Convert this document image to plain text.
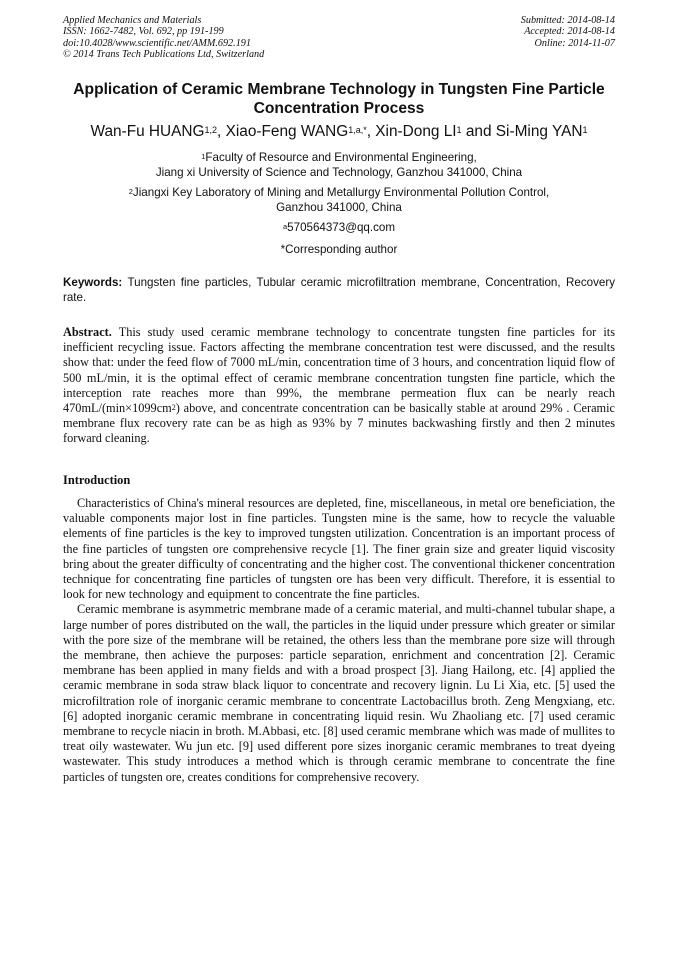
Applied Mechanics and Materials
ISSN: 1662-7482, Vol. 692, pp 191-199
doi:10.4028/www.scientific.net/AMM.692.191
© 2014 Trans Tech Publications Ltd, Switzerland
Submitted: 2014-08-14
Accepted: 2014-08-14
Online: 2014-11-07
Application of Ceramic Membrane Technology in Tungsten Fine Particle Concentration Process
Wan-Fu HUANG$^{1,2}$, Xiao-Feng $WANG^{1,a,*}$, Xin-Dong $LI^1$ and Si-Ming YAN$^1$
$^1$Faculty of Resource and Environmental Engineering,
Jiang xi University of Science and Technology, Ganzhou 341000, China
$^2$Jiangxi Key Laboratory of Mining and Metallurgy Environmental Pollution Control,
Ganzhou 341000, China
$^a$570564373@qq.com
*Corresponding author
Keywords: Tungsten fine particles, Tubular ceramic microfiltration membrane, Concentration, Recovery rate.
Abstract. This study used ceramic membrane technology to concentrate tungsten fine particles for its inefficient recycling issue. Factors affecting the membrane concentration test were discussed, and the results show that: under the feed flow of 7000 mL/min, concentration time of 3 hours, and concentration liquid flow of 500 mL/min, it is the optimal effect of ceramic membrane concentration tungsten fine particle, which the interception rate reaches more than 99%, the membrane permeation flux can be nearly reach $470mL/(\min\times 1099cm^2)$ above, and concentrate concentration can be basically stable at around 29% . Ceramic membrane flux recovery rate can be as high as 93% by 7 minutes backwashing firstly and then 2 minutes forward cleaning.
Introduction

Characteristics of China's mineral resources are depleted, fine, miscellaneous, in metal ore beneficiation, the valuable components major lost in fine particles. Tungsten mine is the same, how to recycle the valuable elements of fine particles is the key to improved tungsten utilization. Concentration is an important process of the fine particles of tungsten ore comprehensive recycle [1]. The finer grain size and greater liquid viscosity bring about the greater difficulty of concentrating and the higher cost. The conventional thickener concentration technique for concentrating fine particles of tungsten ore has been very difficult. Therefore, it is essential to look for new technology and equipment to concentrate the fine particles.

Ceramic membrane is asymmetric membrane made of a ceramic material, and multi-channel tubular shape, a large number of pores distributed on the wall, the particles in the liquid under pressure which greater or similar with the pore size of the membrane will be retained, the others less than the membrane pore size will through the membrane, then achieve the purposes: particle separation, enrichment and concentration [2]. Ceramic membrane has been applied in many fields and with a broad prospect [3]. Jiang Hailong, etc. [4] applied the ceramic membrane in soda straw black liquor to concentrate and recovery lignin. Lu Li Xia, etc. [5] used the microfiltration role of inorganic ceramic membrane to concentrate Lactobacillus broth. Zeng Mengxiang, etc. [6] adopted inorganic ceramic membrane in concentrating liquid resin. Wu Zhaoliang etc. [7] used ceramic membrane to recycle niacin in broth. M.Abbasi, etc. [8] used ceramic membrane which was made of mullites to treat oily wastewater. Wu jun etc. [9] used different pore sizes inorganic ceramic membranes to treat dyeing wastewater. This study introduces a method which is through ceramic membrane to concentrate the fine particles of tungsten ore, creates conditions for comprehensive recovery.
